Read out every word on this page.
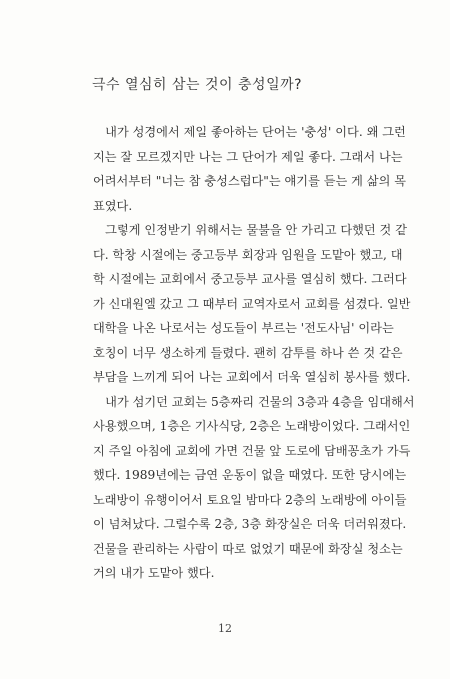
극수 열심히 삼는 것이 충성일까?
　내가 성경에서 제일 좋아하는 단어는 '충성' 이다. 왜 그런
지는 잘 모르겠지만 나는 그 단어가 제일 좋다. 그래서 나는
어려서부터 "너는 참 충성스럽다"는 얘기를 듣는 게 삶의 목
표였다.
　그렇게 인정받기 위해서는 물불을 안 가리고 다했던 것 같
다. 학창 시절에는 중고등부 회장과 임원을 도맡아 했고, 대
학 시절에는 교회에서 중고등부 교사를 열심히 했다. 그러다
가 신대원엘 갔고 그 때부터 교역자로서 교회를 섬겼다. 일반
대학을 나온 나로서는 성도들이 부르는 '전도사님' 이라는
호칭이 너무 생소하게 들렸다. 괜히 감투를 하나 쓴 것 같은
부담을 느끼게 되어 나는 교회에서 더욱 열심히 봉사를 했다.
　내가 섬기던 교회는 5층짜리 건물의 3층과 4층을 임대해서
사용했으며, 1층은 기사식당, 2층은 노래방이었다. 그래서인
지 주일 아침에 교회에 가면 건물 앞 도로에 담배꽁초가 가득
했다. 1989년에는 금연 운동이 없을 때였다. 또한 당시에는
노래방이 유행이어서 토요일 밤마다 2층의 노래방에 아이들
이 넘쳐났다. 그럴수록 2층, 3층 화장실은 더욱 더러워졌다.
건물을 관리하는 사람이 따로 없었기 때문에 화장실 청소는
거의 내가 도맡아 했다.
12
